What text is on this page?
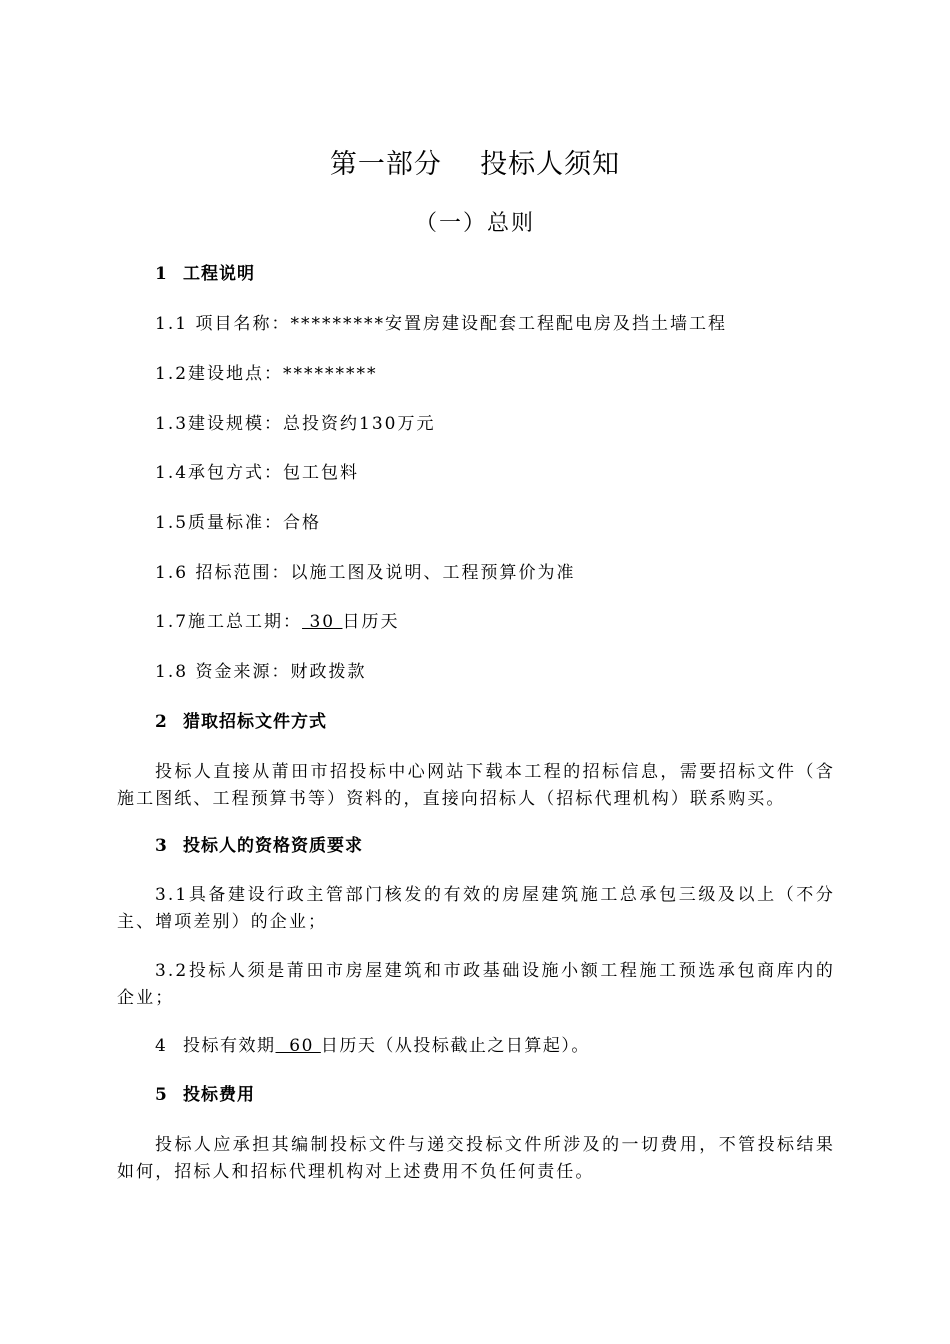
第一部分    投标人须知
（一）总则
1 工程说明
1.1 项目名称：*********安置房建设配套工程配电房及挡土墙工程
1.2建设地点：*********
1.3建设规模：总投资约130万元
1.4承包方式：包工包料
1.5质量标准：合格
1.6 招标范围：以施工图及说明、工程预算价为准
1.7施工总工期： 30 日历天
1.8 资金来源：财政拨款
2 猎取招标文件方式
投标人直接从莆田市招投标中心网站下载本工程的招标信息，需要招标文件（含施工图纸、工程预算书等）资料的，直接向招标人（招标代理机构）联系购买。
3 投标人的资格资质要求
3.1具备建设行政主管部门核发的有效的房屋建筑施工总承包三级及以上（不分主、增项差别）的企业；
3.2投标人须是莆田市房屋建筑和市政基础设施小额工程施工预选承包商库内的企业；
4 投标有效期  60 日历天（从投标截止之日算起）。
5 投标费用
投标人应承担其编制投标文件与递交投标文件所涉及的一切费用，不管投标结果如何，招标人和招标代理机构对上述费用不负任何责任。
